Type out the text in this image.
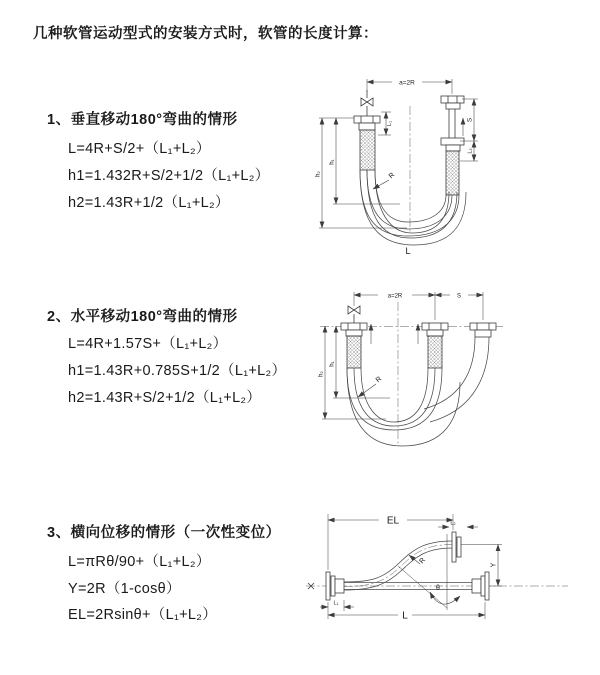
几种软管运动型式的安装方式时，软管的长度计算：
1、垂直移动180°弯曲的情形
L=4R+S/2+（L₁+L₂）
h1=1.432R+S/2+1/2（L₁+L₂）
h2=1.43R+1/2（L₁+L₂）
a=2R
S
L₂
h₂
h₁
L₁
R
L
2、水平移动180°弯曲的情形
L=4R+1.57S+（L₁+L₂）
h1=1.43R+0.785S+1/2（L₁+L₂）
h2=1.43R+S/2+1/2（L₁+L₂）
a=2R	S
h₂
h₁
R
3、横向位移的情形（一次性变位）
L=πRθ/90+（L₁+L₂）
Y=2R（1-cosθ）
EL=2Rsinθ+（L₁+L₂）
EL	L₂
θ
R	Y
L₁
L
